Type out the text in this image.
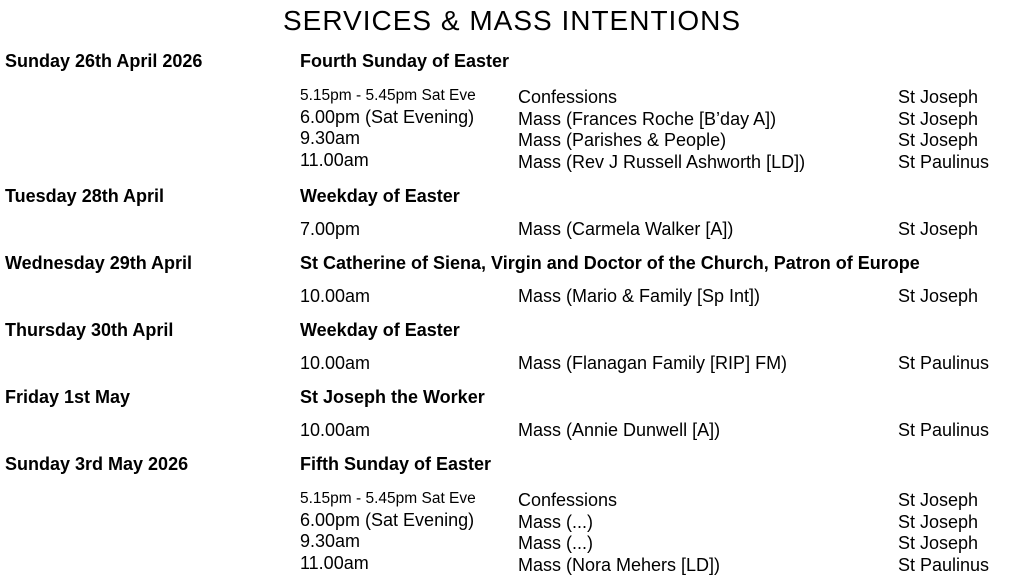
SERVICES & MASS INTENTIONS
Sunday 26th April 2026	Fourth Sunday of Easter
5.15pm - 5.45pm Sat Eve	Confessions	St Joseph
6.00pm (Sat Evening)	Mass (Frances Roche [B’day A])	St Joseph
9.30am	Mass (Parishes & People)	St Joseph
11.00am	Mass (Rev J Russell Ashworth [LD])	St Paulinus
Tuesday 28th April	Weekday of Easter
7.00pm	Mass (Carmela Walker [A])	St Joseph
Wednesday 29th April	St Catherine of Siena, Virgin and Doctor of the Church, Patron of Europe
10.00am	Mass (Mario & Family [Sp Int])	St Joseph
Thursday 30th April	Weekday of Easter
10.00am	Mass (Flanagan Family [RIP] FM)	St Paulinus
Friday 1st May	St Joseph the Worker
10.00am	Mass (Annie Dunwell [A])	St Paulinus
Sunday 3rd May 2026	Fifth Sunday of Easter
5.15pm - 5.45pm Sat Eve	Confessions	St Joseph
6.00pm (Sat Evening)	Mass (...)	St Joseph
9.30am	Mass (...)	St Joseph
11.00am	Mass (Nora Mehers [LD])	St Paulinus
